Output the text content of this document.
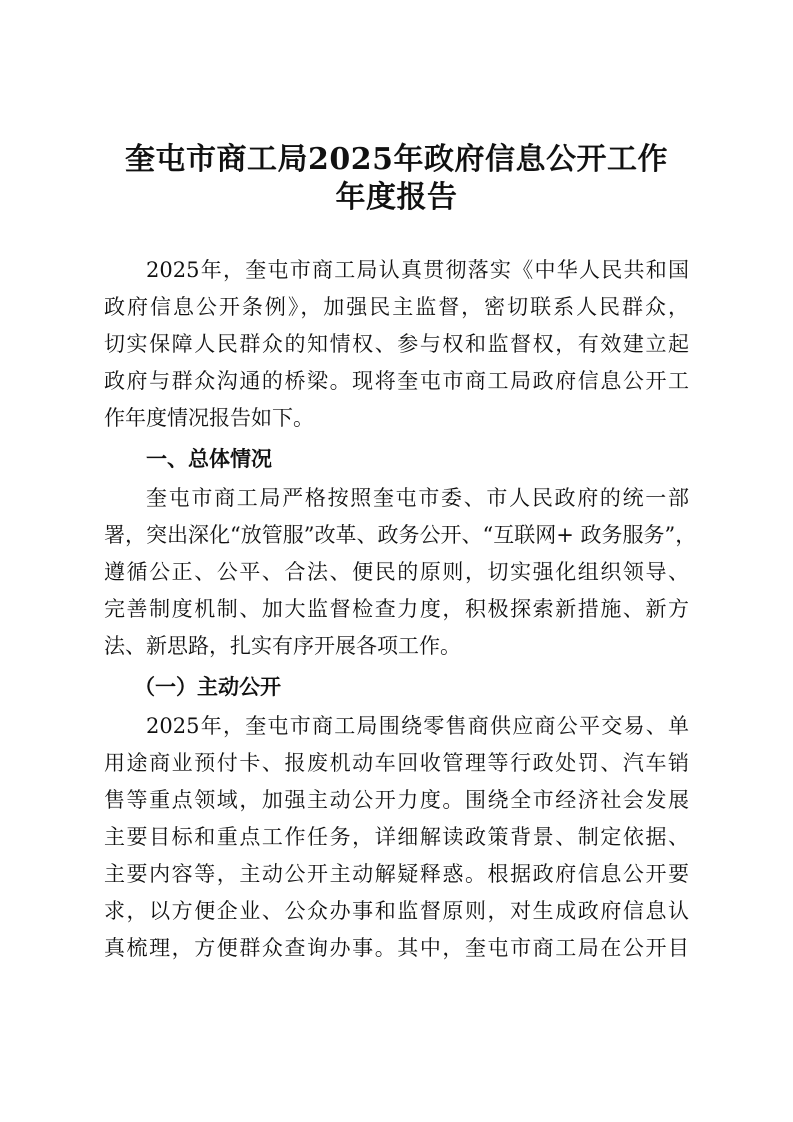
奎屯市商工局2025年政府信息公开工作
年度报告
2025年，奎屯市商工局认真贯彻落实《中华人民共和国
政府信息公开条例》，加强民主监督，密切联系人民群众，
切实保障人民群众的知情权、参与权和监督权，有效建立起
政府与群众沟通的桥梁。现将奎屯市商工局政府信息公开工
作年度情况报告如下。
一、总体情况
奎屯市商工局严格按照奎屯市委、市人民政府的统一部
署，突出深化“放管服”改革、政务公开、“互联网+ 政务服务”，
遵循公正、公平、合法、便民的原则，切实强化组织领导、
完善制度机制、加大监督检查力度，积极探索新措施、新方
法、新思路，扎实有序开展各项工作。
（一）主动公开
2025年，奎屯市商工局围绕零售商供应商公平交易、单
用途商业预付卡、报废机动车回收管理等行政处罚、汽车销
售等重点领域，加强主动公开力度。围绕全市经济社会发展
主要目标和重点工作任务，详细解读政策背景、制定依据、
主要内容等，主动公开主动解疑释惑。根据政府信息公开要
求，以方便企业、公众办事和监督原则，对生成政府信息认
真梳理，方便群众查询办事。其中，奎屯市商工局在公开目
